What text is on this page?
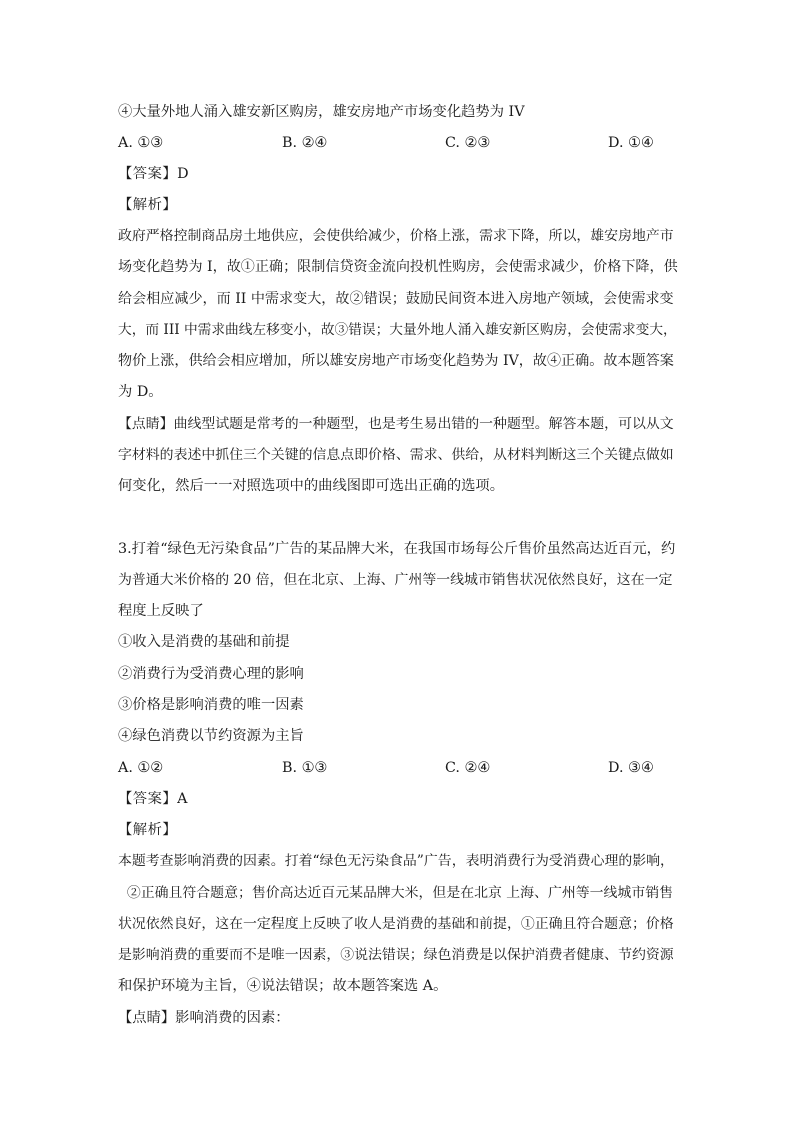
④大量外地人涌入雄安新区购房，雄安房地产市场变化趋势为 IV
A. ①③	B. ②④	C. ②③	D. ①④
【答案】D
【解析】
政府严格控制商品房土地供应，会使供给减少，价格上涨，需求下降，所以，雄安房地产市
场变化趋势为 I，故①正确；限制信贷资金流向投机性购房，会使需求减少，价格下降，供
给会相应减少，而 II 中需求变大，故②错误；鼓励民间资本进入房地产领域，会使需求变
大，而 III 中需求曲线左移变小，故③错误；大量外地人涌入雄安新区购房，会使需求变大，
物价上涨，供给会相应增加，所以雄安房地产市场变化趋势为 IV，故④正确。故本题答案
为 D。
【点睛】曲线型试题是常考的一种题型，也是考生易出错的一种题型。解答本题，可以从文
字材料的表述中抓住三个关键的信息点即价格、需求、供给，从材料判断这三个关键点做如
何变化，然后一一对照选项中的曲线图即可选出正确的选项。
3.打着“绿色无污染食品”广告的某品牌大米，在我国市场每公斤售价虽然高达近百元，约
为普通大米价格的 20 倍，但在北京、上海、广州等一线城市销售状况依然良好，这在一定
程度上反映了
①收入是消费的基础和前提
②消费行为受消费心理的影响
③价格是影响消费的唯一因素
④绿色消费以节约资源为主旨
A. ①②	B. ①③	C. ②④	D. ③④
【答案】A
【解析】
本题考查影响消费的因素。打着“绿色无污染食品”广告，表明消费行为受消费心理的影响，
②正确且符合题意；售价高达近百元某品牌大米，但是在北京 上海、广州等一线城市销售
状况依然良好，这在一定程度上反映了收人是消费的基础和前提，①正确且符合题意；价格
是影响消费的重要而不是唯一因素，③说法错误；绿色消费是以保护消费者健康、节约资源
和保护环境为主旨，④说法错误；故本题答案选 A。
【点睛】影响消费的因素：
